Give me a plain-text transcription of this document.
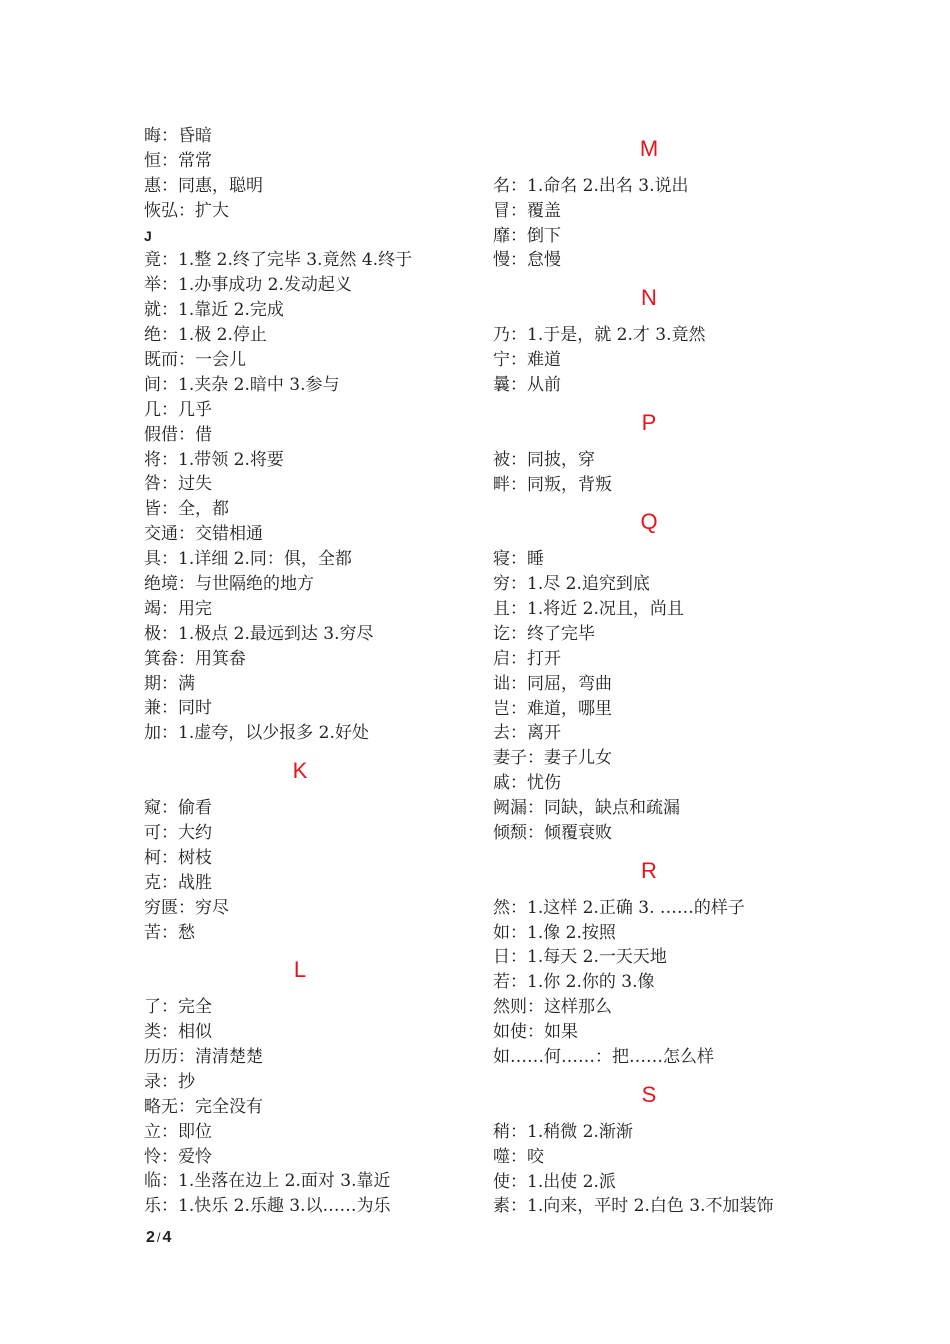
晦：昏暗
恒：常常
惠：同惠，聪明
恢弘：扩大
J
竟：1.整 2.终了完毕 3.竟然 4.终于
举：1.办事成功 2.发动起义
就：1.靠近 2.完成
绝：1.极 2.停止
既而：一会儿
间：1.夹杂 2.暗中 3.参与
几：几乎
假借：借
将：1.带领 2.将要
咎：过失
皆：全，都
交通：交错相通
具：1.详细 2.同：俱，全都
绝境：与世隔绝的地方
竭：用完
极：1.极点 2.最远到达 3.穷尽
箕畚：用箕畚
期：满
兼：同时
加：1.虚夸，以少报多 2.好处
K
窥：偷看
可：大约
柯：树枝
克：战胜
穷匮：穷尽
苦：愁
L
了：完全
类：相似
历历：清清楚楚
录：抄
略无：完全没有
立：即位
怜：爱怜
临：1.坐落在边上 2.面对 3.靠近
乐：1.快乐 2.乐趣 3.以……为乐
M
名：1.命名 2.出名 3.说出
冒：覆盖
靡：倒下
慢：怠慢
N
乃：1.于是，就 2.才 3.竟然
宁：难道
曩：从前
P
被：同披，穿
畔：同叛，背叛
Q
寝：睡
穷：1.尽 2.追究到底
且：1.将近 2.况且，尚且
讫：终了完毕
启：打开
诎：同屈，弯曲
岂：难道，哪里
去：离开
妻子：妻子儿女
戚：忧伤
阙漏：同缺，缺点和疏漏
倾颓：倾覆衰败
R
然：1.这样 2.正确 3. ……的样子
如：1.像 2.按照
日：1.每天 2.一天天地
若：1.你 2.你的 3.像
然则：这样那么
如使：如果
如……何……：把……怎么样
S
稍：1.稍微 2.渐渐
噬：咬
使：1.出使 2.派
素：1.向来，平时 2.白色 3.不加装饰
2 / 4
